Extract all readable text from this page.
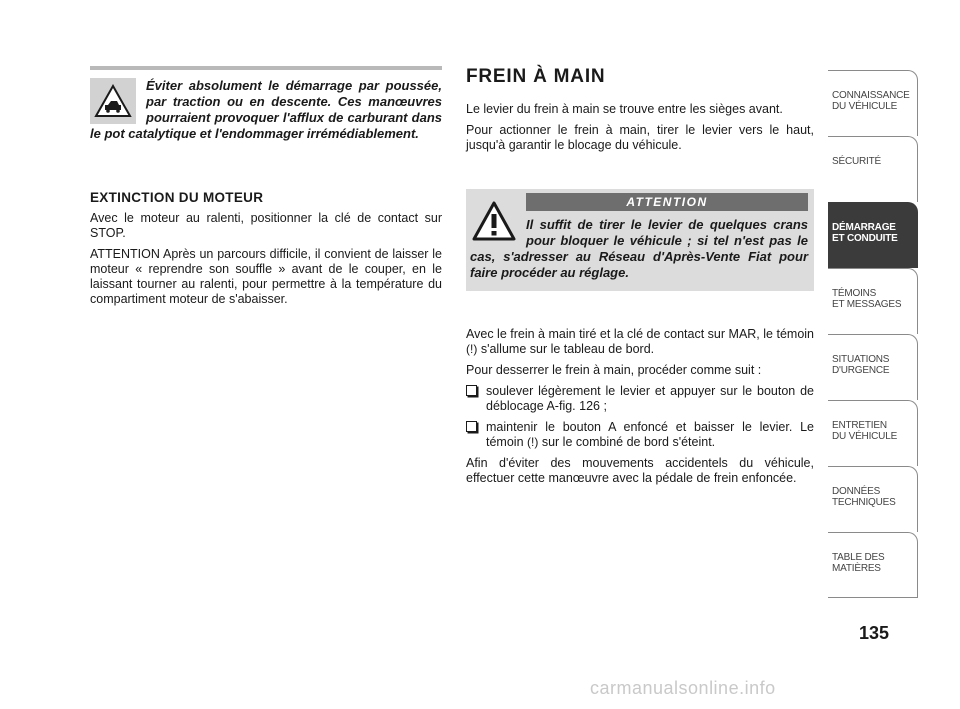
Éviter absolument le démarrage par poussée, par traction ou en descente. Ces manœuvres pourraient provoquer l'afflux de carburant dans le pot catalytique et l'endommager irrémédiablement.

EXTINCTION DU MOTEUR

Avec le moteur au ralenti, positionner la clé de contact sur STOP.

ATTENTION Après un parcours difficile, il convient de laisser le moteur « reprendre son souffle » avant de le couper, en le laissant tourner au ralenti, pour permettre à la température du compartiment moteur de s'abaisser.

FREIN À MAIN

Le levier du frein à main se trouve entre les sièges avant.

Pour actionner le frein à main, tirer le levier vers le haut, jusqu'à garantir le blocage du véhicule.

ATTENTION

Il suffit de tirer le levier de quelques crans pour bloquer le véhicule ; si tel n'est pas le cas, s'adresser au Réseau d'Après-Vente Fiat pour faire procéder au réglage.

Avec le frein à main tiré et la clé de contact sur MAR, le témoin (!) s'allume sur le tableau de bord.

Pour desserrer le frein à main, procéder comme suit :

soulever légèrement le levier et appuyer sur le bouton de déblocage A-fig. 126 ;
maintenir le bouton A enfoncé et baisser le levier. Le témoin (!) sur le combiné de bord s'éteint.

Afin d'éviter des mouvements accidentels du véhicule, effectuer cette manœuvre avec la pédale de frein enfoncée.

CONNAISSANCE
DU VÉHICULE
SÉCURITÉ
DÉMARRAGE
ET CONDUITE
TÉMOINS
ET MESSAGES
SITUATIONS
D'URGENCE
ENTRETIEN
DU VÉHICULE
DONNÉES
TECHNIQUES
TABLE DES
MATIÈRES
135
carmanualsonline.info
